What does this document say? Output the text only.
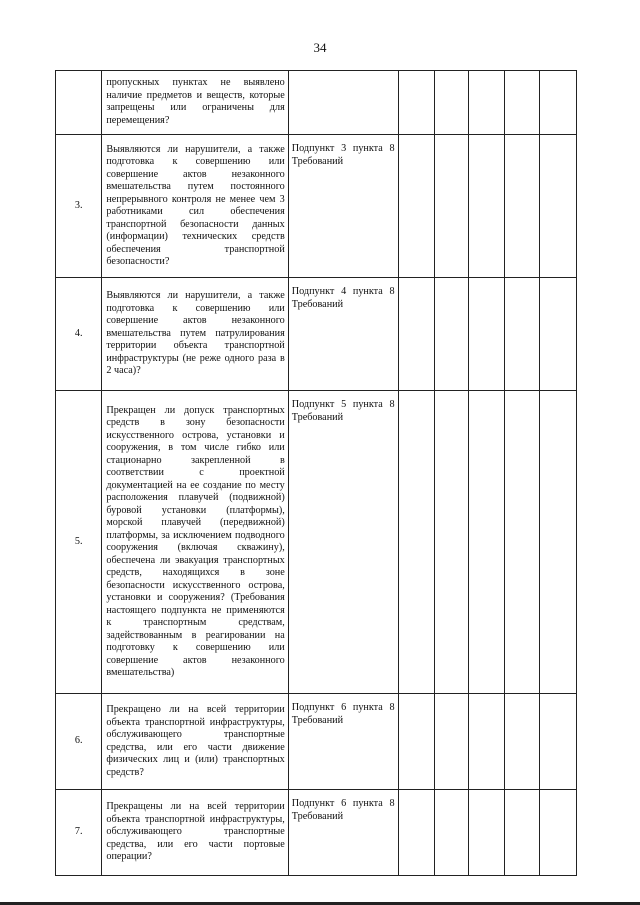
34
	пропускных пунктах не выявлено наличие предметов и веществ, которые запрещены или ограничены для перемещения?						
3.	Выявляются ли нарушители, а также подготовка к совершению или совершение актов незаконного вмешательства путем постоянного непрерывного контроля не менее чем 3 работниками сил обеспечения транспортной безопасности данных (информации) технических средств обеспечения транспортной безопасности?	Подпункт 3 пункта 8 Требований					
4.	Выявляются ли нарушители, а также подготовка к совершению или совершение актов незаконного вмешательства путем патрулирования территории объекта транспортной инфраструктуры (не реже одного раза в 2 часа)?	Подпункт 4 пункта 8 Требований					
5.	Прекращен ли допуск транспортных средств в зону безопасности искусственного острова, установки и сооружения, в том числе гибко или стационарно закрепленной в соответствии с проектной документацией на ее создание по месту расположения плавучей (подвижной) буровой установки (платформы), морской плавучей (передвижной) платформы, за исключением подводного сооружения (включая скважину), обеспечена ли эвакуация транспортных средств, находящихся в зоне безопасности искусственного острова, установки и сооружения? (Требования настоящего подпункта не применяются к транспортным средствам, задействованным в реагировании на подготовку к совершению или совершение актов незаконного вмешательства)	Подпункт 5 пункта 8 Требований					
6.	Прекращено ли на всей территории объекта транспортной инфраструктуры, обслуживающего транспортные средства, или его части движение физических лиц и (или) транспортных средств?	Подпункт 6 пункта 8 Требований					
7.	Прекращены ли на всей территории объекта транспортной инфраструктуры, обслуживающего транспортные средства, или его части портовые операции?	Подпункт 6 пункта 8 Требований					
